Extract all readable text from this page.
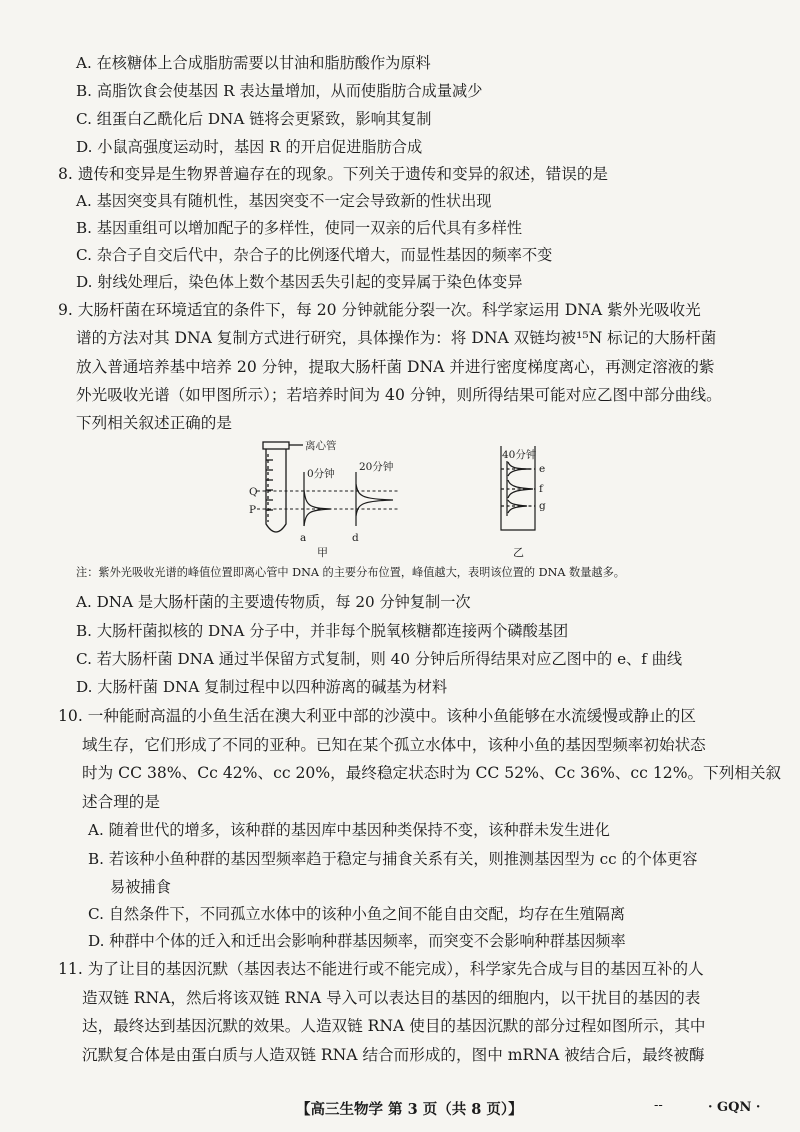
A. 在核糖体上合成脂肪需要以甘油和脂肪酸作为原料
B. 高脂饮食会使基因 R 表达量增加，从而使脂肪合成量减少
C. 组蛋白乙酰化后 DNA 链将会更紧致，影响其复制
D. 小鼠高强度运动时，基因 R 的开启促进脂肪合成
8. 遗传和变异是生物界普遍存在的现象。下列关于遗传和变异的叙述，错误的是
A. 基因突变具有随机性，基因突变不一定会导致新的性状出现
B. 基因重组可以增加配子的多样性，使同一双亲的后代具有多样性
C. 杂合子自交后代中，杂合子的比例逐代增大，而显性基因的频率不变
D. 射线处理后，染色体上数个基因丢失引起的变异属于染色体变异
9. 大肠杆菌在环境适宜的条件下，每 20 分钟就能分裂一次。科学家运用 DNA 紫外光吸收光
谱的方法对其 DNA 复制方式进行研究，具体操作为：将 DNA 双链均被¹⁵N 标记的大肠杆菌
放入普通培养基中培养 20 分钟，提取大肠杆菌 DNA 并进行密度梯度离心，再测定溶液的紫
外光吸收光谱（如甲图所示）；若培养时间为 40 分钟，则所得结果可能对应乙图中部分曲线。
下列相关叙述正确的是
离心管
Q
P
0分钟
a
20分钟
d
甲
40分钟
e
f
g
乙
注：紫外光吸收光谱的峰值位置即离心管中 DNA 的主要分布位置，峰值越大，表明该位置的 DNA 数量越多。
A. DNA 是大肠杆菌的主要遗传物质，每 20 分钟复制一次
B. 大肠杆菌拟核的 DNA 分子中，并非每个脱氧核糖都连接两个磷酸基团
C. 若大肠杆菌 DNA 通过半保留方式复制，则 40 分钟后所得结果对应乙图中的 e、f 曲线
D. 大肠杆菌 DNA 复制过程中以四种游离的碱基为材料
10. 一种能耐高温的小鱼生活在澳大利亚中部的沙漠中。该种小鱼能够在水流缓慢或静止的区
域生存，它们形成了不同的亚种。已知在某个孤立水体中，该种小鱼的基因型频率初始状态
时为 CC 38%、Cc 42%、cc 20%，最终稳定状态时为 CC 52%、Cc 36%、cc 12%。下列相关叙
述合理的是
A. 随着世代的增多，该种群的基因库中基因种类保持不变，该种群未发生进化
B. 若该种小鱼种群的基因型频率趋于稳定与捕食关系有关，则推测基因型为 cc 的个体更容
易被捕食
C. 自然条件下，不同孤立水体中的该种小鱼之间不能自由交配，均存在生殖隔离
D. 种群中个体的迁入和迁出会影响种群基因频率，而突变不会影响种群基因频率
11. 为了让目的基因沉默（基因表达不能进行或不能完成），科学家先合成与目的基因互补的人
造双链 RNA，然后将该双链 RNA 导入可以表达目的基因的细胞内，以干扰目的基因的表
达，最终达到基因沉默的效果。人造双链 RNA 使目的基因沉默的部分过程如图所示，其中
沉默复合体是由蛋白质与人造双链 RNA 结合而形成的，图中 mRNA 被结合后，最终被酶
【高三生物学 第 3 页（共 8 页）】	--	· GQN ·
